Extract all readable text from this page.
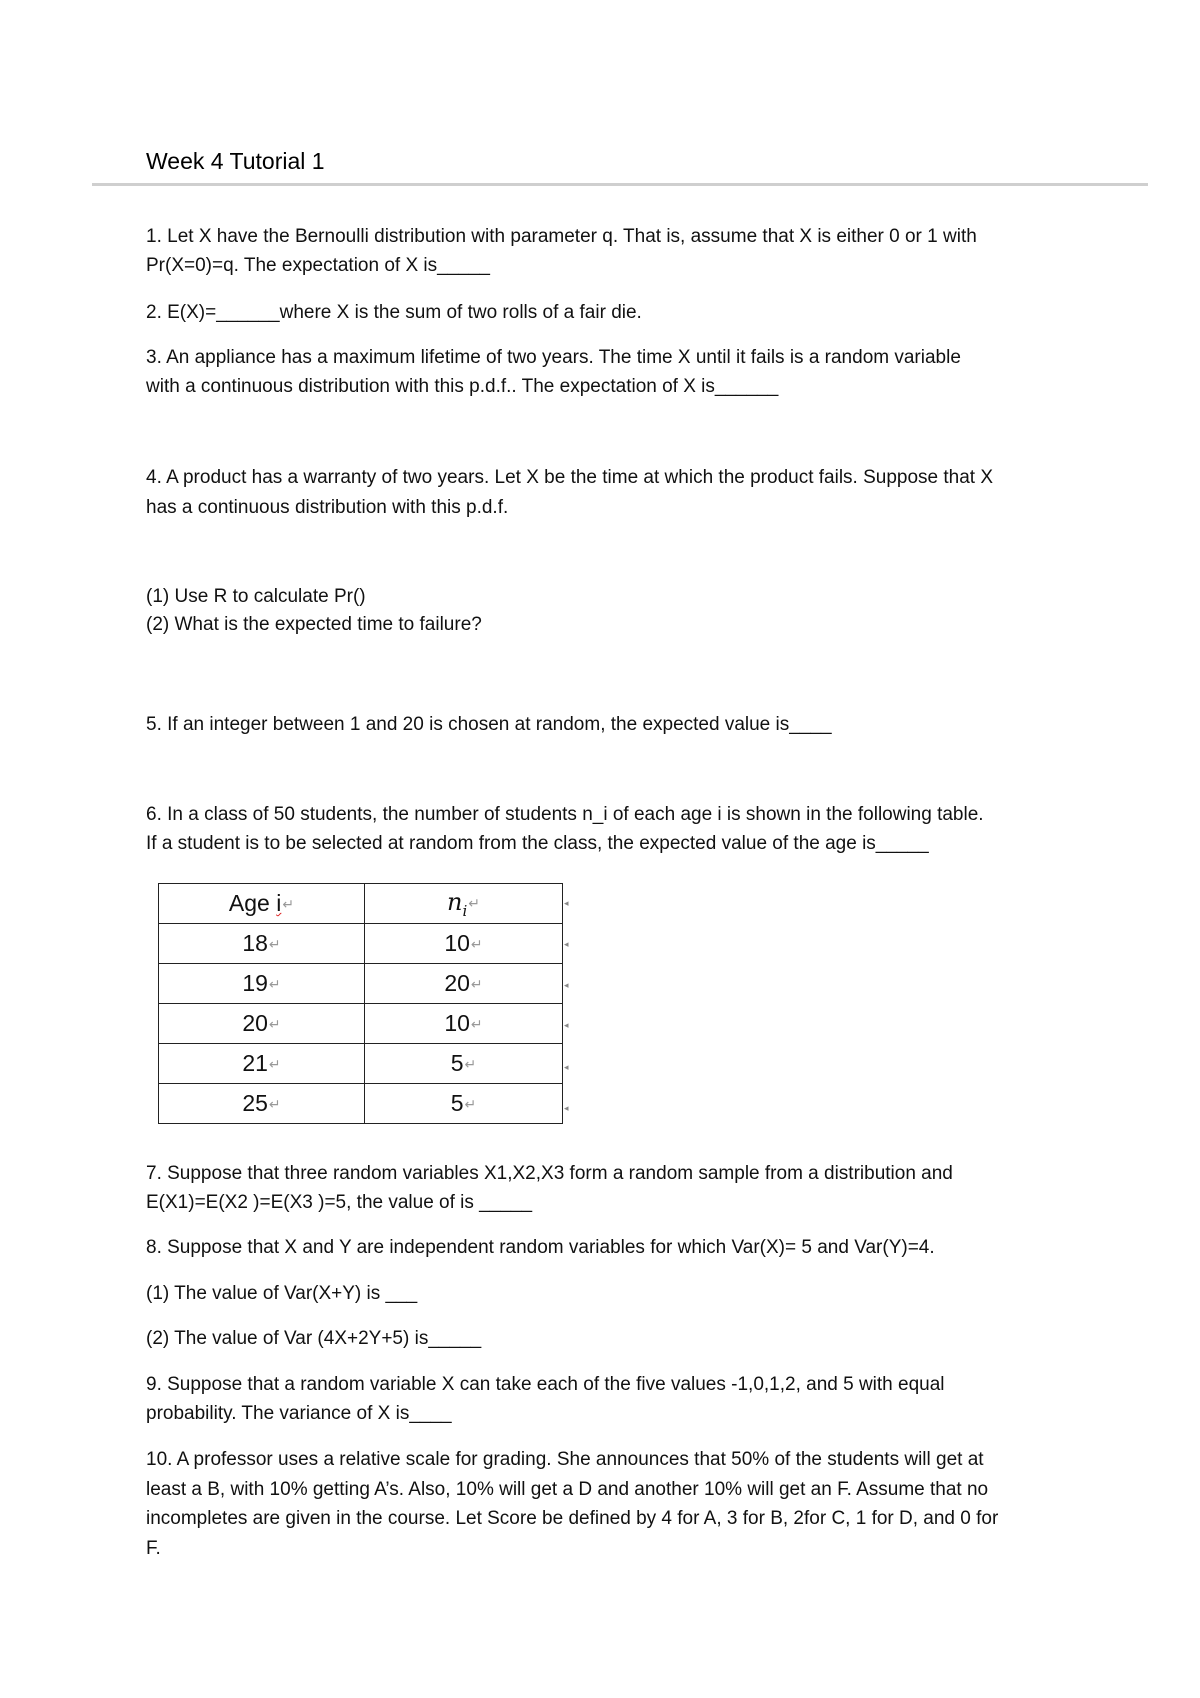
Week 4 Tutorial 1
1. Let X have the Bernoulli distribution with parameter q. That is, assume that X is either 0 or 1 with
Pr(X=0)=q. The expectation of X is_____
2. E(X)=______where X is the sum of two rolls of a fair die.
3. An appliance has a maximum lifetime of two years. The time X until it fails is a random variable
with a continuous distribution with this p.d.f.. The expectation of X is______
4. A product has a warranty of two years. Let X be the time at which the product fails. Suppose that X
has a continuous distribution with this p.d.f.
(1) Use R to calculate Pr()
(2) What is the expected time to failure?
5. If an integer between 1 and 20 is chosen at random, the expected value is____
6. In a class of 50 students, the number of students n_i of each age i is shown in the following table.
If a student is to be selected at random from the class, the expected value of the age is_____
Age i↵	$n_i↵$
18↵	10↵
19↵	20↵
20↵	10↵
21↵	5↵
25↵	5↵
◂
◂
◂
◂
◂
◂
7. Suppose that three random variables X1,X2,X3 form a random sample from a distribution and
E(X1)=E(X2 )=E(X3 )=5, the value of is _____
8. Suppose that X and Y are independent random variables for which Var(X)= 5 and Var(Y)=4.
(1) The value of Var(X+Y) is ___
(2) The value of Var (4X+2Y+5) is_____
9. Suppose that a random variable X can take each of the five values -1,0,1,2, and 5 with equal
probability. The variance of X is____
10. A professor uses a relative scale for grading. She announces that 50% of the students will get at
least a B, with 10% getting A’s. Also, 10% will get a D and another 10% will get an F. Assume that no
incompletes are given in the course. Let Score be defined by 4 for A, 3 for B, 2for C, 1 for D, and 0 for
F.
